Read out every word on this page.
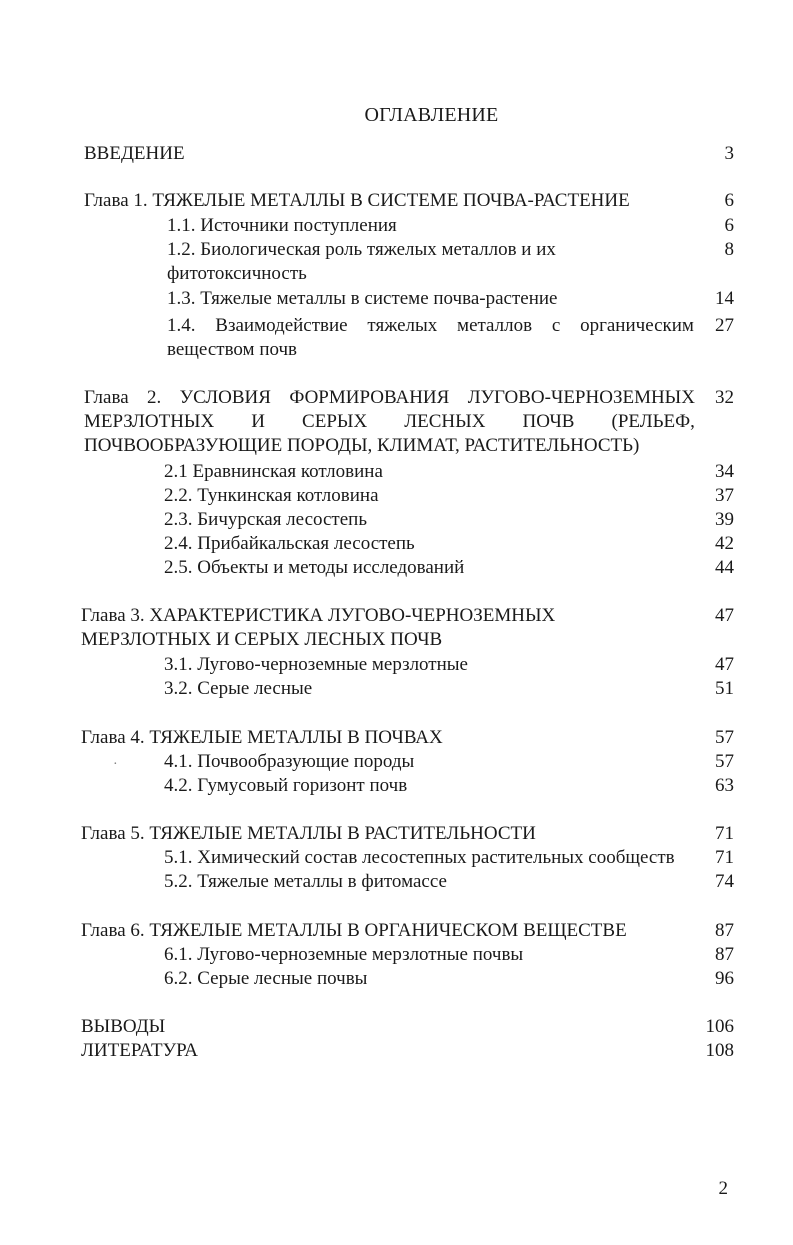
ОГЛАВЛЕНИЕ
ВВЕДЕНИЕ	3
Глава 1. ТЯЖЕЛЫЕ МЕТАЛЛЫ В СИСТЕМЕ ПОЧВА-РАСТЕНИЕ	6
1.1. Источники поступления	6
1.2. Биологическая роль тяжелых металлов и их	8
фитотоксичность
1.3. Тяжелые металлы в системе почва-растение	14
1.4. Взаимодействие тяжелых металлов с органическим 27
веществом почв
Глава 2. УСЛОВИЯ ФОРМИРОВАНИЯ ЛУГОВО-ЧЕРНОЗЕМНЫХ 32
МЕРЗЛОТНЫХ И СЕРЫХ ЛЕСНЫХ ПОЧВ (РЕЛЬЕФ,
ПОЧВООБРАЗУЮЩИЕ ПОРОДЫ, КЛИМАТ, РАСТИТЕЛЬНОСТЬ)
2.1 Еравнинская котловина	34
2.2. Тункинская котловина	37
2.3. Бичурская лесостепь	39
2.4. Прибайкальская лесостепь	42
2.5. Объекты и методы исследований	44
Глава 3. ХАРАКТЕРИСТИКА ЛУГОВО-ЧЕРНОЗЕМНЫХ	47
МЕРЗЛОТНЫХ И СЕРЫХ ЛЕСНЫХ ПОЧВ
3.1. Лугово-черноземные мерзлотные	47
3.2. Серые лесные	51
Глава 4. ТЯЖЕЛЫЕ МЕТАЛЛЫ В ПОЧВАХ	57
· 4.1. Почвообразующие породы	57
4.2. Гумусовый горизонт почв	63
Глава 5. ТЯЖЕЛЫЕ МЕТАЛЛЫ В РАСТИТЕЛЬНОСТИ	71
5.1. Химический состав лесостепных растительных сообществ 71
5.2. Тяжелые металлы в фитомассе	74
Глава 6. ТЯЖЕЛЫЕ МЕТАЛЛЫ В ОРГАНИЧЕСКОМ ВЕЩЕСТВЕ	87
6.1. Лугово-черноземные мерзлотные почвы	87
6.2. Серые лесные почвы	96
ВЫВОДЫ	106
ЛИТЕРАТУРА	108
2
